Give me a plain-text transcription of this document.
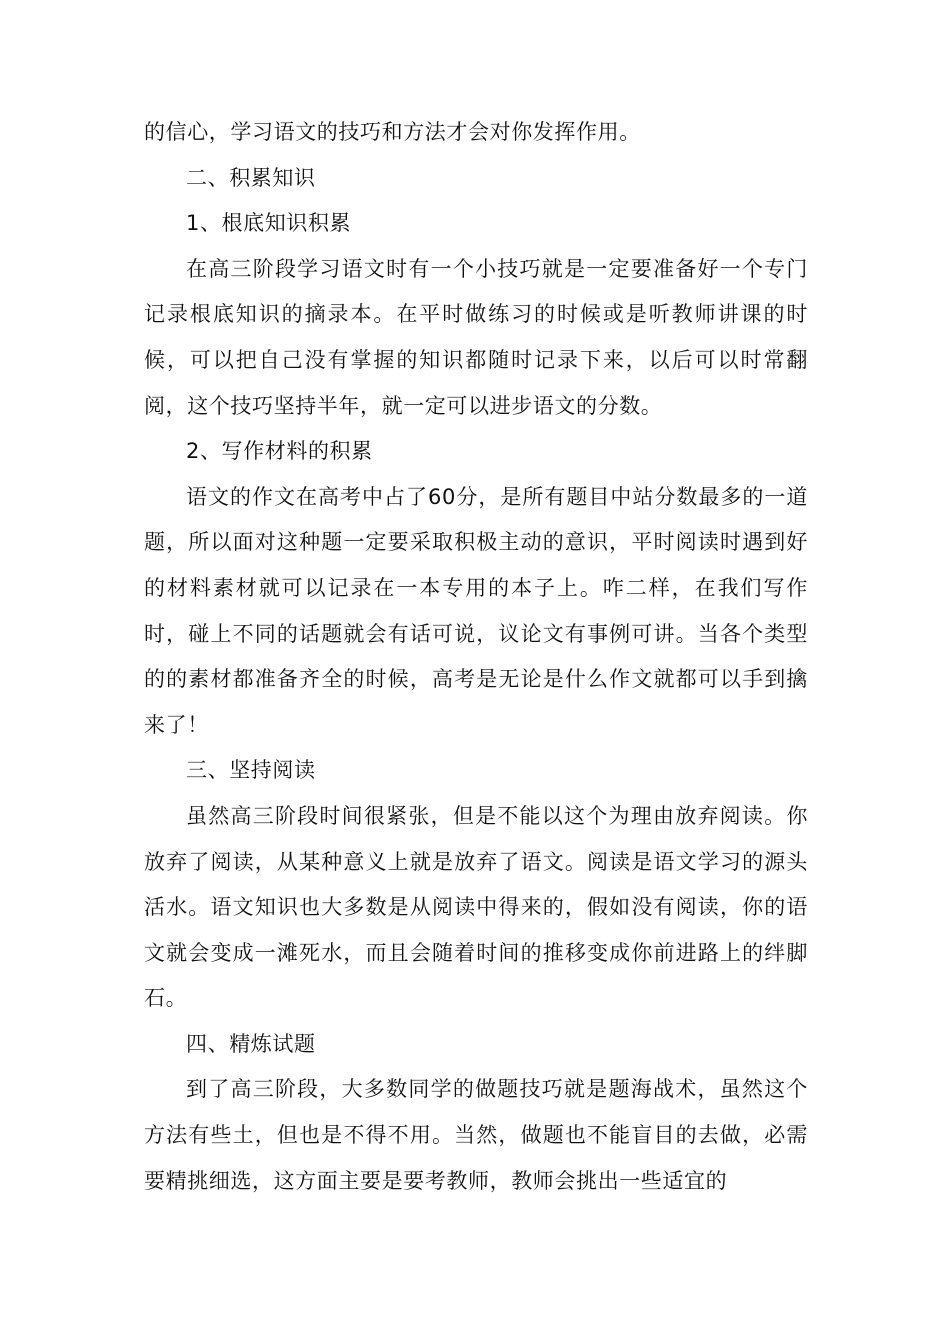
的信心，学习语文的技巧和方法才会对你发挥作用。

二、积累知识

1、根底知识积累

在高三阶段学习语文时有一个小技巧就是一定要准备好一个专门记录根底知识的摘录本。在平时做练习的时候或是听教师讲课的时候，可以把自己没有掌握的知识都随时记录下来，以后可以时常翻阅，这个技巧坚持半年，就一定可以进步语文的分数。

2、写作材料的积累

语文的作文在高考中占了60分，是所有题目中站分数最多的一道题，所以面对这种题一定要采取积极主动的意识，平时阅读时遇到好的材料素材就可以记录在一本专用的本子上。咋二样，在我们写作时，碰上不同的话题就会有话可说，议论文有事例可讲。当各个类型的的素材都准备齐全的时候，高考是无论是什么作文就都可以手到擒来了！

三、坚持阅读

虽然高三阶段时间很紧张，但是不能以这个为理由放弃阅读。你放弃了阅读，从某种意义上就是放弃了语文。阅读是语文学习的源头活水。语文知识也大多数是从阅读中得来的，假如没有阅读，你的语文就会变成一滩死水，而且会随着时间的推移变成你前进路上的绊脚石。

四、精炼试题

到了高三阶段，大多数同学的做题技巧就是题海战术，虽然这个方法有些土，但也是不得不用。当然，做题也不能盲目的去做，必需要精挑细选，这方面主要是要考教师，教师会挑出一些适宜的
